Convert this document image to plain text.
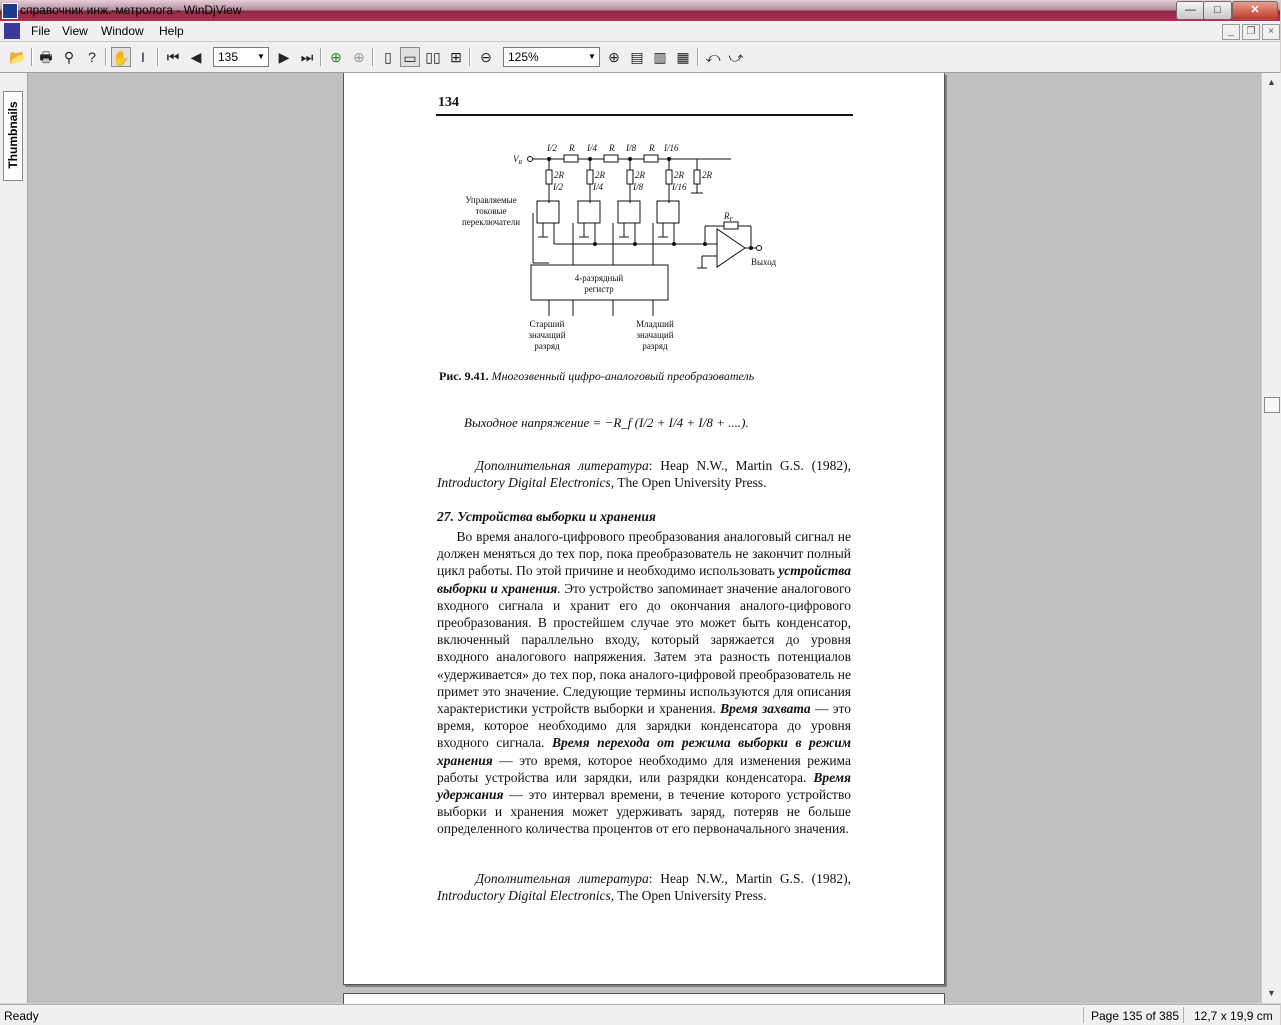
справочник инж.-метролога - WinDjView	—	□	✕
File View Window Help	_	❐	×
📂 🖶 ⚲ ?	✋ I	⏮ ◀	135	▼ ▶ ⏭ ⊕ ⊕	▯ ▭ ▯▯ ⊞ ⊖	125%	▼ ⊕ ▤ ▥ ▦ ⤺ ⤻
Thumbnails	134
I/2 R I/4 R I/8 R I/16
$V_R$
2R
I/2
2R
I/4
2R
I/8
2R
I/16
2R
Управляемые
токовые
переключатели
$R_F$
Выход
4-разрядный
регистр
Старший
значащий
разряд
Младший
значащий
разряд
Рис. 9.41. Многозвенный цифро-аналоговый преобразователь
Выходное напряжение = −R_f (I/2 + I/4 + I/8 + ....).
Дополнительная литература: Heap N.W., Martin G.S. (1982), Introductory Digital Electronics, The Open University Press.
27. Устройства выборки и хранения
Во время аналого-цифрового преобразования аналоговый сигнал не должен меняться до тех пор, пока преобразователь не закончит полный цикл работы. По этой причине и необходимо использовать устройства выборки и хранения. Это устройство запоминает значение аналогового входного сигнала и хранит его до окончания аналого-цифрового преобразования. В простейшем случае это может быть конденсатор, включенный параллельно входу, который заряжается до уровня входного аналогового напряжения. Затем эта разность потенциалов «удерживается» до тех пор, пока аналого-цифровой преобразователь не примет это значение. Следующие термины используются для описания характеристики устройств выборки и хранения. Время захвата — это время, которое необходимо для зарядки конденсатора до уровня входного сигнала. Время перехода от режима выборки в режим хранения — это время, которое необходимо для изменения режима работы устройства или зарядки, или разрядки конденсатора. Время удержания — это интервал времени, в течение которого устройство выборки и хранения может удерживать заряд, потеряв не больше определенного количества процентов от его первоначального значения.
Дополнительная литература: Heap N.W., Martin G.S. (1982), Introductory Digital Electronics, The Open University Press.
▲
▼
Ready	Page 135 of 385 12,7 x 19,9 cm
